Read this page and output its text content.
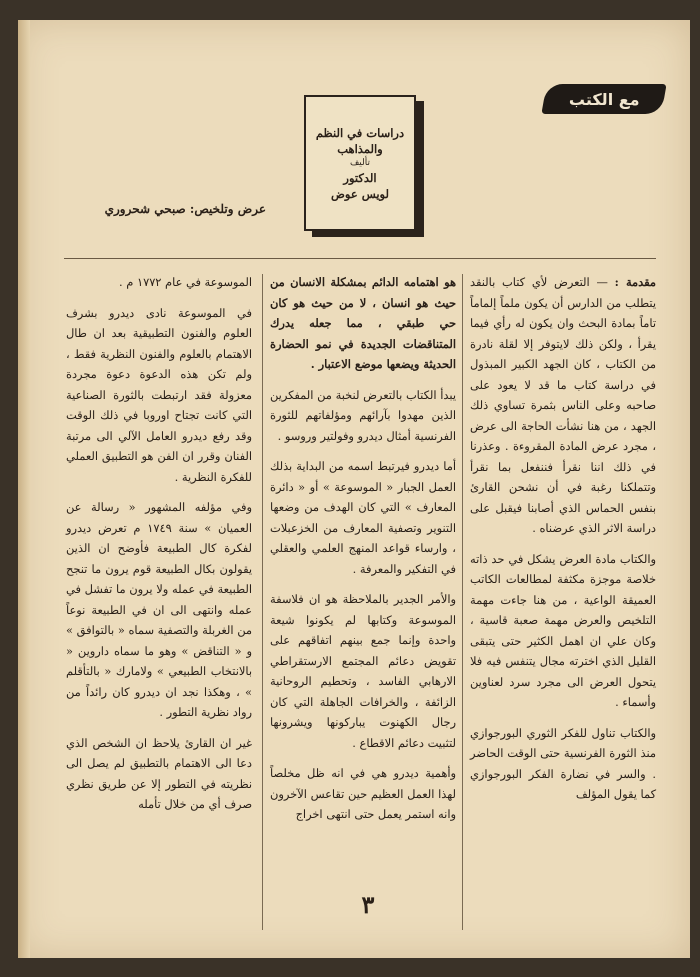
مع الكتب
دراسات في النظم
والمذاهب
تأليف
الدكتور
لويس عوض
عرض وتلخيص: صبحي شحروري

مقدمة : — التعرض لأي كتاب بالنقد يتطلب من الدارس أن يكون ملماً إلماماً تاماً بمادة البحث وان يكون له رأي فيما يقرأ ، ولكن ذلك لايتوفر إلا لقلة نادرة من الكتاب ، كان الجهد الكبير المبذول في دراسة كتاب ما قد لا يعود على صاحبه وعلى الناس بثمرة تساوي ذلك الجهد ، من هنا نشأت الحاجة الى عرض ، مجرد عرض المادة المقروءة . وعذرنا في ذلك اننا نقرأ فننفعل بما نقرأ وتتملكنا رغبة في أن نشحن القارئ بنفس الحماس الذي أصابنا فيقبل على دراسة الاثر الذي عرضناه .

والكتاب مادة العرض يشكل في حد ذاته خلاصة موجزة مكثفة لمطالعات الكاتب العميقة الواعية ، من هنا جاءت مهمة التلخيص والعرض مهمة صعبة قاسية ، وكان علي ان اهمل الكثير حتى يتبقى القليل الذي اخترته مجال يتنفس فيه فلا يتحول العرض الى مجرد سرد لعناوين وأسماء .

والكتاب تناول للفكر الثوري البورجوازي منذ الثورة الفرنسية حتى الوقت الحاضر . والسر في نضارة الفكر البورجوازي كما يقول المؤلف

هو اهتمامه الدائم بمشكلة الانسان من حيث هو انسان ، لا من حيث هو كان حي طبقي ، مما جعله يدرك المتناقضات الجديدة في نمو الحضارة الحديثة ويضعها موضع الاعتبار .

يبدأ الكتاب بالتعرض لنخبة من المفكرين الذين مهدوا بآرائهم ومؤلفاتهم للثورة الفرنسية أمثال ديدرو وفولتير وروسو .

أما ديدرو فيرتبط اسمه من البداية بذلك العمل الجبار « الموسوعة » أو « دائرة المعارف » التي كان الهدف من وضعها التنوير وتصفية المعارف من الخزعبلات ، وارساء قواعد المنهج العلمي والعقلي في التفكير والمعرفة .

والأمر الجدير بالملاحظة هو ان فلاسفة الموسوعة وكتابها لم يكونوا شيعة واحدة وإنما جمع بينهم اتفاقهم على تقويض دعائم المجتمع الارستقراطي الارهابي الفاسد ، وتحطيم الروحانية الزائفة ، والخرافات الجاهلة التي كان رجال الكهنوت يباركونها ويشرونها لتثبيت دعائم الاقطاع .

وأهمية ديدرو هي في انه ظل مخلصاً لهذا العمل العظيم حين تقاعس الآخرون وانه استمر يعمل حتى انتهى اخراج

الموسوعة في عام ١٧٧٢ م .

في الموسوعة نادى ديدرو بشرف العلوم والفنون التطبيقية بعد ان طال الاهتمام بالعلوم والفنون النظرية فقط ، ولم تكن هذه الدعوة دعوة مجردة معزولة فقد ارتبطت بالثورة الصناعية التي كانت تجتاح اوروبا في ذلك الوقت وقد رفع ديدرو العامل الآلي الى مرتبة الفنان وقرر ان الفن هو التطبيق العملي للفكرة النظرية .

وفي مؤلفه المشهور « رسالة عن العميان » سنة ١٧٤٩ م تعرض ديدرو لفكرة كال الطبيعة فأوضح ان الذين يقولون بكال الطبيعة قوم يرون ما تنجح الطبيعة في عمله ولا يرون ما تفشل في عمله وانتهى الى ان في الطبيعة نوعاً من الغربلة والتصفية سماه « بالتوافق » و « التناقض » وهو ما سماه داروين « بالانتخاب الطبيعي » ولامارك « بالتأقلم » ، وهكذا نجد ان ديدرو كان رائداً من رواد نظرية التطور .

غير ان القارئ يلاحظ ان الشخص الذي دعا الى الاهتمام بالتطبيق لم يصل الى نظريته في التطور إلا عن طريق نظري صرف أي من خلال تأمله

٣
